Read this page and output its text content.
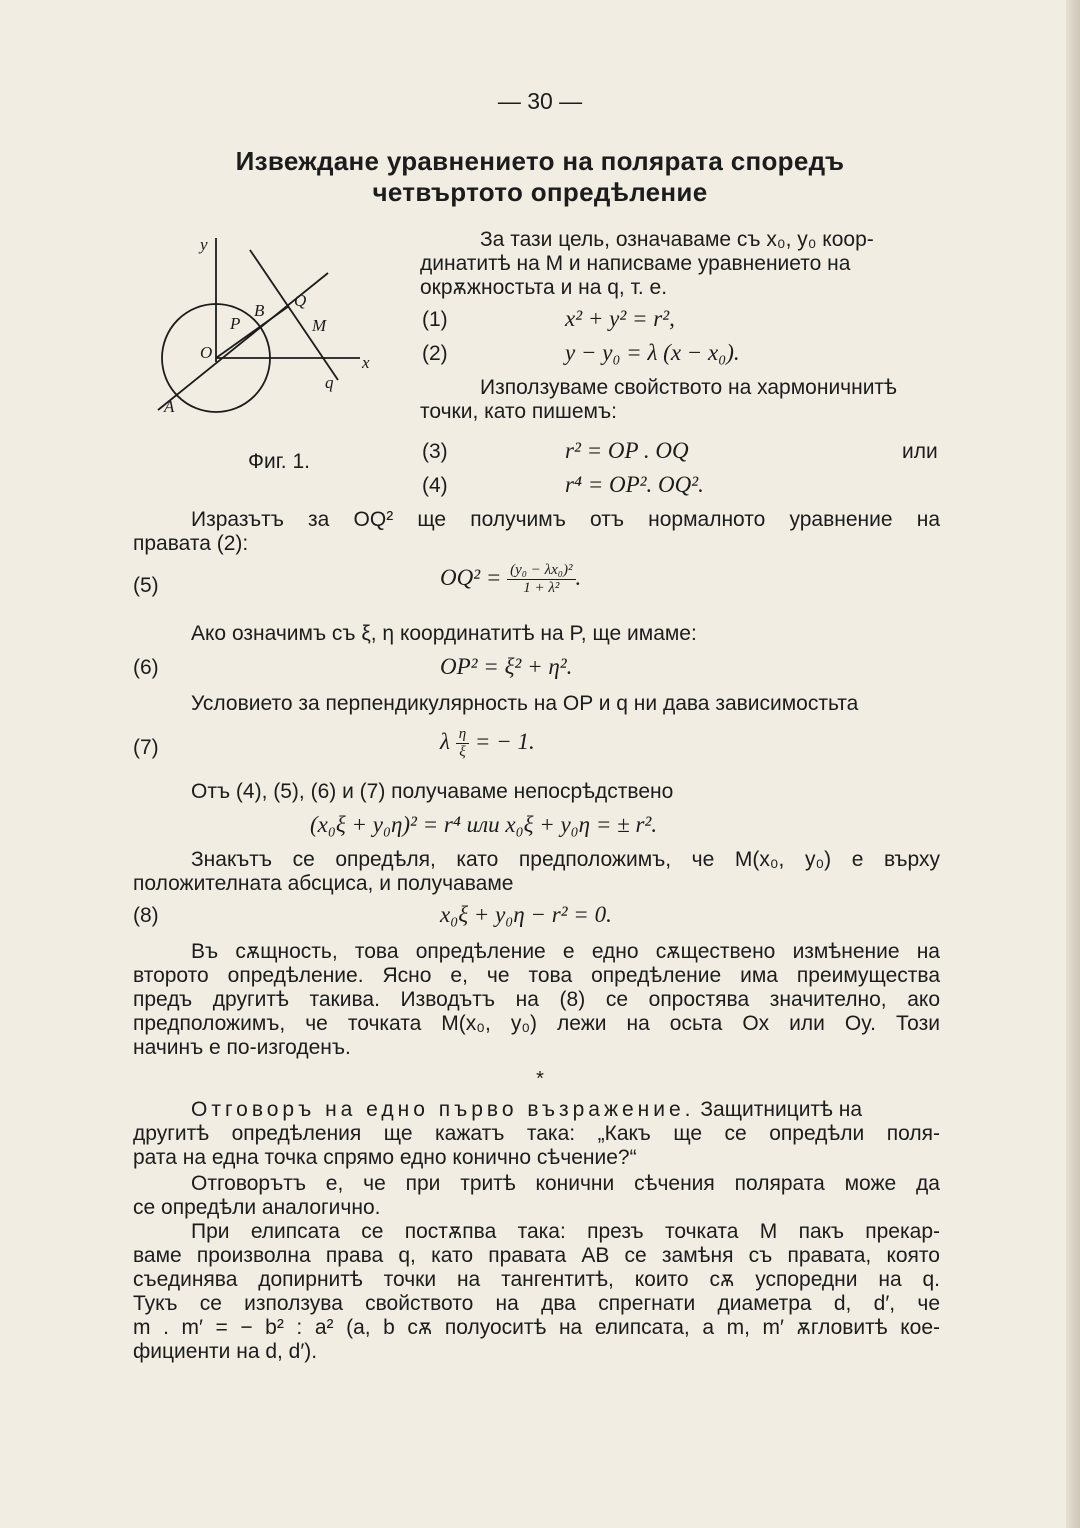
— 30 —
Извеждане уравнението на полярата споредъ
четвъртото опредѣление
y
x
O
P
B
Q
M
q
A
Фиг. 1.
За тази цель, означаваме съ x₀, y₀ коор-
динатитѣ на M и написваме уравнението на
окрѫжностьта и на q, т. е.
(1)	x² + y² = r²,
(2)	y − y₀ = λ (x − x₀).
Използуваме свойството на хармоничнитѣ
точки, като пишемъ:
(3)	r² = OP . OQ	или
(4)	r⁴ = OP². OQ².
Изразътъ за OQ² ще получимъ отъ нормалното уравнение на
правата (2):
(5)	$OQ^2 = \frac{\text{(y₀ − λx₀)²}}{\text{1 + λ²}}$ .
Ако означимъ съ ξ, η координатитѣ на P, ще имаме:
(6)	OP² = ξ² + η².
Условието за перпендикулярность на OP и q ни дава зависимостьта
(7)	λ $\frac{\eta}{\xi}$ = − 1.
Отъ (4), (5), (6) и (7) получаваме непосрѣдствено
(x₀ξ + y₀η)² = r⁴ или x₀ξ + y₀η = ± r².
Знакътъ се опредѣля, като предположимъ, че M(x₀, y₀) е върху
положителната абсциса, и получаваме
(8)	x₀ξ + y₀η − r² = 0.
Въ сѫщность, това опредѣление е едно сѫществено измѣнение на
второто опредѣление. Ясно е, че това опредѣление има преимущества
предъ другитѣ такива. Изводътъ на (8) се опростява значително, ако
предположимъ, че точката M(x₀, y₀) лежи на осьта Ox или Oy. Този
начинъ е по-изгоденъ.
*
Отговоръ на едно първо възражение. Защитницитѣ на
другитѣ опредѣления ще кажатъ така: „Какъ ще се опредѣли поля-
рата на една точка спрямо едно конично сѣчение?“
Отговорътъ е, че при тритѣ конични сѣчения полярата може да
се опредѣли аналогично.
При елипсата се постѫпва така: презъ точката M пакъ прекар-
ваме произволна права q, като правата AB се замѣня съ правата, която
съединява допирнитѣ точки на тангентитѣ, които сѫ успоредни на q.
Тукъ се използува свойството на два спрегнати диаметра d, d′, че
m . m′ = − b² : a² (a, b сѫ полуоситѣ на елипсата, а m, m′ ѫгловитѣ кое-
фициенти на d, d′).
